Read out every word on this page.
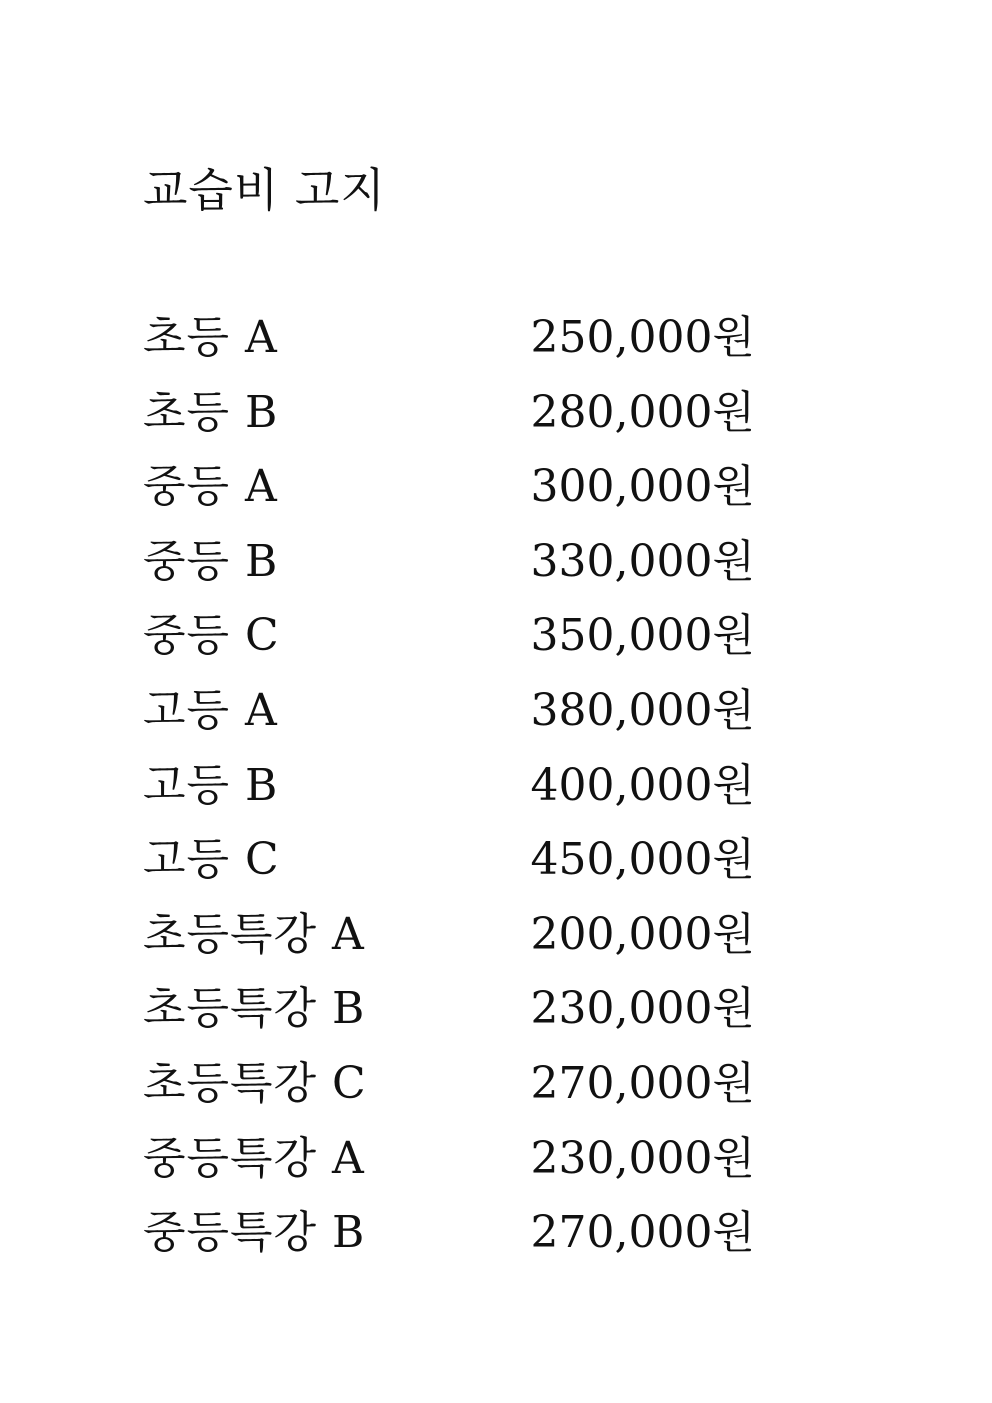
교습비 고지
초등 A	250,000원
초등 B	280,000원
중등 A	300,000원
중등 B	330,000원
중등 C	350,000원
고등 A	380,000원
고등 B	400,000원
고등 C	450,000원
초등특강 A	200,000원
초등특강 B	230,000원
초등특강 C	270,000원
중등특강 A	230,000원
중등특강 B	270,000원
